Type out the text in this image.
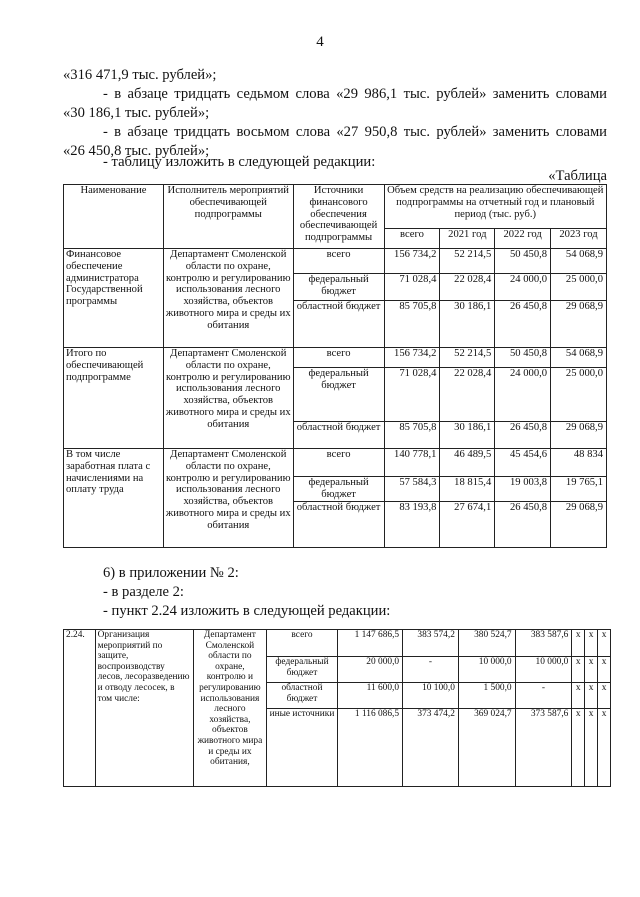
4
«316 471,9 тыс. рублей»;
- в абзаце тридцать седьмом слова «29 986,1 тыс. рублей» заменить словами
«30 186,1 тыс. рублей»;
- в абзаце тридцать восьмом слова «27 950,8 тыс. рублей» заменить словами
«26 450,8 тыс. рублей»;
- таблицу изложить в следующей редакции:
«Таблица
Наименование	Исполнитель мероприятий обеспечивающей подпрограммы	Источники финансового обеспечения обеспечивающей подпрограммы	Объем средств на реализацию обеспечивающей подпрограммы на отчетный год и плановый период (тыс. руб.)			
			всего	2021 год	2022 год	2023 год
Финансовое обеспечение администратора Государственной программы	Департамент Смоленской области по охране, контролю и регулированию использования лесного хозяйства, объектов животного мира и среды их обитания	всего	156 734,2	52 214,5	50 450,8	54 068,9
		федеральный бюджет	71 028,4	22 028,4	24 000,0	25 000,0
		областной бюджет	85 705,8	30 186,1	26 450,8	29 068,9
Итого по обеспечивающей подпрограмме	Департамент Смоленской области по охране, контролю и регулированию использования лесного хозяйства, объектов животного мира и среды их обитания	всего	156 734,2	52 214,5	50 450,8	54 068,9
		федеральный бюджет	71 028,4	22 028,4	24 000,0	25 000,0
		областной бюджет	85 705,8	30 186,1	26 450,8	29 068,9
В том числе заработная плата с начислениями на оплату труда	Департамент Смоленской области по охране, контролю и регулированию использования лесного хозяйства, объектов животного мира и среды их обитания	всего	140 778,1	46 489,5	45 454,6	48 834
		федеральный бюджет	57 584,3	18 815,4	19 003,8	19 765,1
		областной бюджет	83 193,8	27 674,1	26 450,8	29 068,9
6) в приложении № 2:
- в разделе 2:
- пункт 2.24 изложить в следующей редакции:
2.24.	Организация мероприятий по защите, воспроизводству лесов, лесоразведению и отводу лесосек, в том числе:	Департамент Смоленской области по охране, контролю и регулированию использования лесного хозяйства, объектов животного мира и среды их обитания,	всего	1 147 686,5	383 574,2	380 524,7	383 587,6	x	x	x
			федеральный бюджет	20 000,0	-	10 000,0	10 000,0	x	x	x
			областной бюджет	11 600,0	10 100,0	1 500,0	-	x	x	x
			иные источники	1 116 086,5	373 474,2	369 024,7	373 587,6	x	x	x
